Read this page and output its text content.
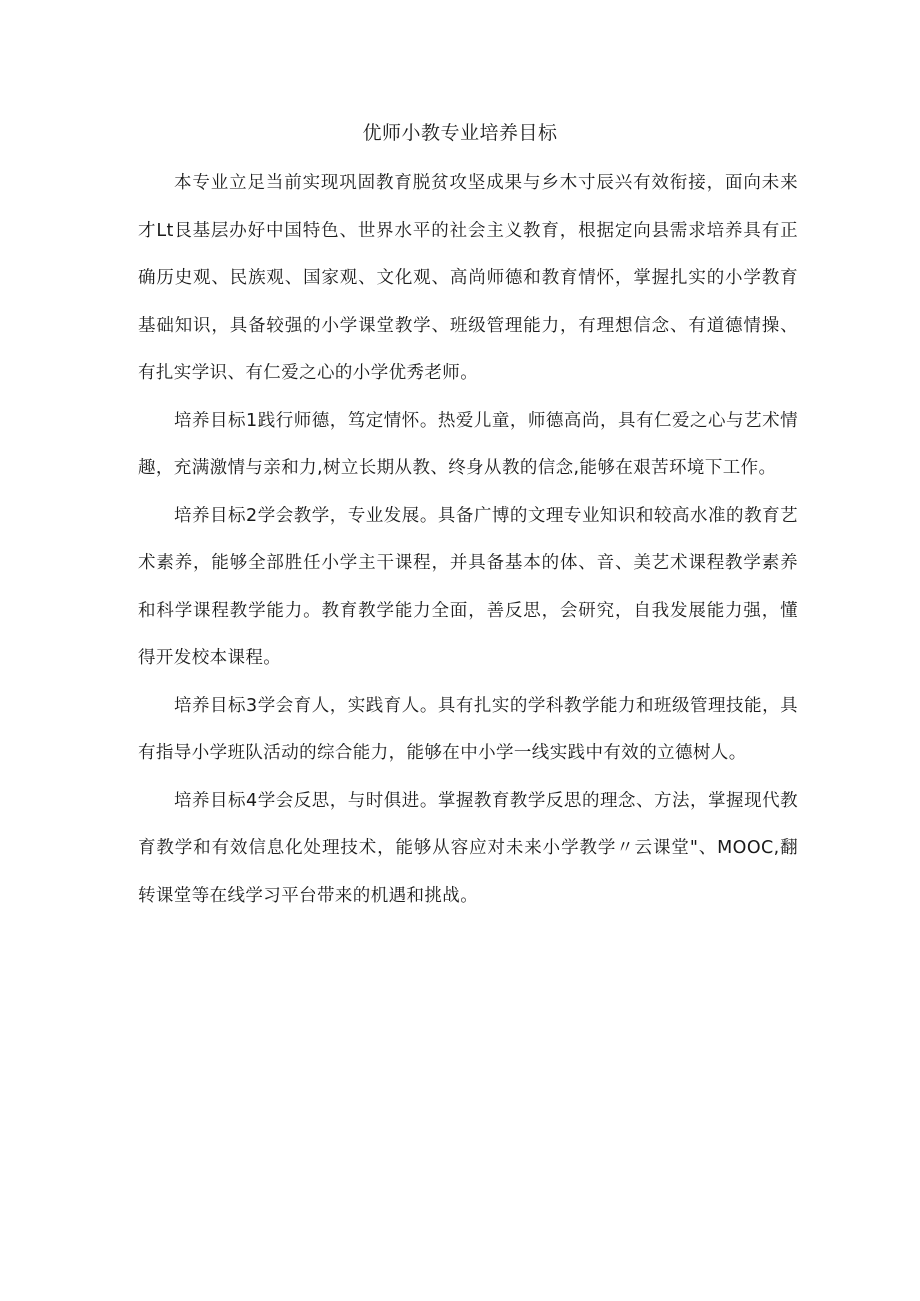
优师小教专业培养目标

本专业立足当前实现巩固教育脱贫攻坚成果与乡木寸辰兴有效衔接，面向未来才Lt艮基层办好中国特色、世界水平的社会主义教育，根据定向县需求培养具有正确历史观、民族观、国家观、文化观、高尚师德和教育情怀，掌握扎实的小学教育基础知识，具备较强的小学课堂教学、班级管理能力，有理想信念、有道德情操、有扎实学识、有仁爱之心的小学优秀老师。

培养目标1践行师德，笃定情怀。热爱儿童，师德高尚，具有仁爱之心与艺术情趣，充满激情与亲和力,树立长期从教、终身从教的信念,能够在艰苦环境下工作。

培养目标2学会教学，专业发展。具备广博的文理专业知识和较高水准的教育艺术素养，能够全部胜任小学主干课程，并具备基本的体、音、美艺术课程教学素养和科学课程教学能力。教育教学能力全面，善反思，会研究，自我发展能力强，懂得开发校本课程。

培养目标3学会育人，实践育人。具有扎实的学科教学能力和班级管理技能，具有指导小学班队活动的综合能力，能够在中小学一线实践中有效的立德树人。

培养目标4学会反思，与时俱进。掌握教育教学反思的理念、方法，掌握现代教育教学和有效信息化处理技术，能够从容应对未来小学教学〃云课堂"、MOOC,翻转课堂等在线学习平台带来的机遇和挑战。
